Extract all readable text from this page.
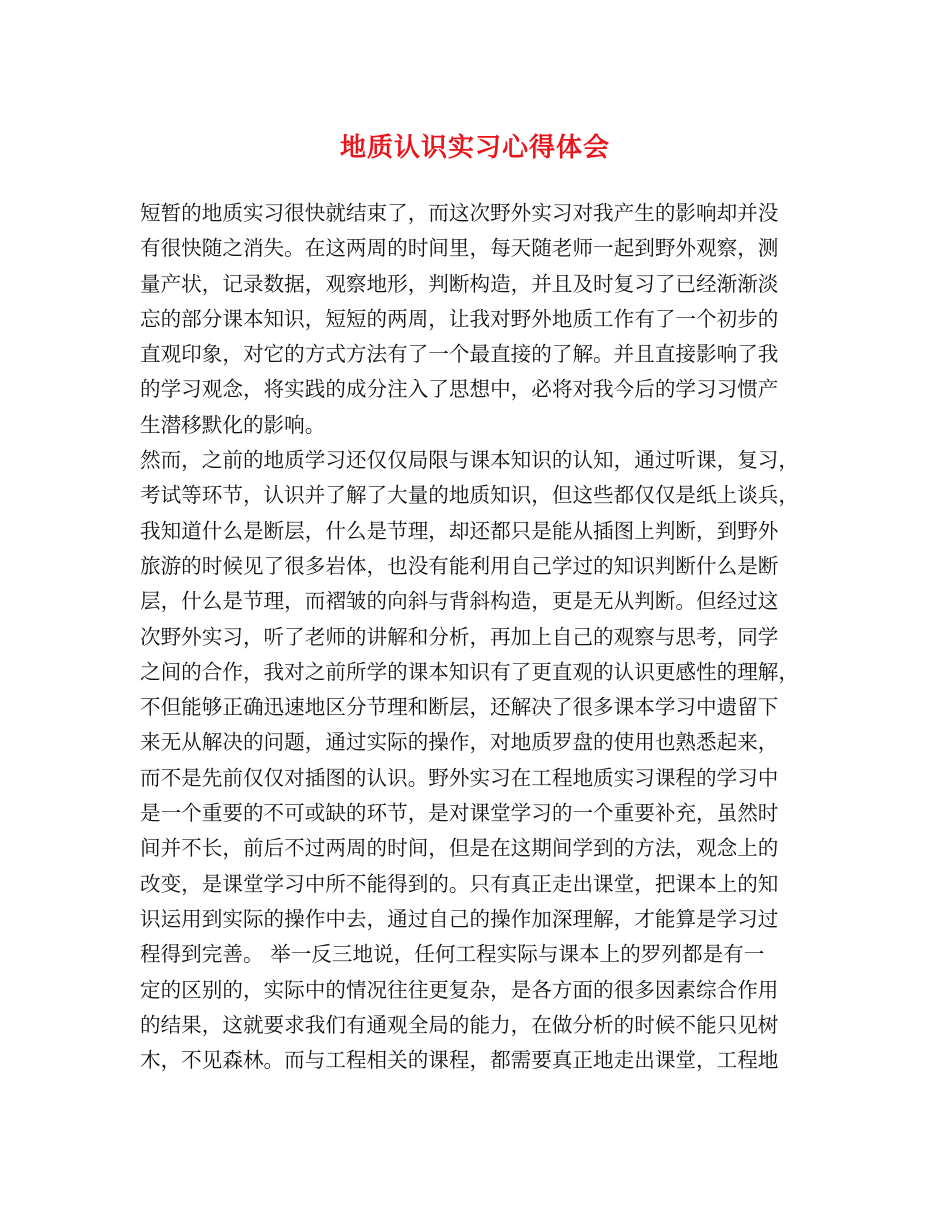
地质认识实习心得体会
短暂的地质实习很快就结束了，而这次野外实习对我产生的影响却并没
有很快随之消失。在这两周的时间里，每天随老师一起到野外观察，测
量产状，记录数据，观察地形，判断构造，并且及时复习了已经渐渐淡
忘的部分课本知识，短短的两周，让我对野外地质工作有了一个初步的
直观印象，对它的方式方法有了一个最直接的了解。并且直接影响了我
的学习观念，将实践的成分注入了思想中，必将对我今后的学习习惯产
生潜移默化的影响。
然而，之前的地质学习还仅仅局限与课本知识的认知，通过听课，复习，
考试等环节，认识并了解了大量的地质知识，但这些都仅仅是纸上谈兵，
我知道什么是断层，什么是节理，却还都只是能从插图上判断，到野外
旅游的时候见了很多岩体，也没有能利用自己学过的知识判断什么是断
层，什么是节理，而褶皱的向斜与背斜构造，更是无从判断。但经过这
次野外实习，听了老师的讲解和分析，再加上自己的观察与思考，同学
之间的合作，我对之前所学的课本知识有了更直观的认识更感性的理解，
不但能够正确迅速地区分节理和断层，还解决了很多课本学习中遗留下
来无从解决的问题，通过实际的操作，对地质罗盘的使用也熟悉起来，
而不是先前仅仅对插图的认识。野外实习在工程地质实习课程的学习中
是一个重要的不可或缺的环节，是对课堂学习的一个重要补充，虽然时
间并不长，前后不过两周的时间，但是在这期间学到的方法，观念上的
改变，是课堂学习中所不能得到的。只有真正走出课堂，把课本上的知
识运用到实际的操作中去，通过自己的操作加深理解，才能算是学习过
程得到完善。 举一反三地说，任何工程实际与课本上的罗列都是有一
定的区别的，实际中的情况往往更复杂，是各方面的很多因素综合作用
的结果，这就要求我们有通观全局的能力，在做分析的时候不能只见树
木，不见森林。而与工程相关的课程，都需要真正地走出课堂，工程地
